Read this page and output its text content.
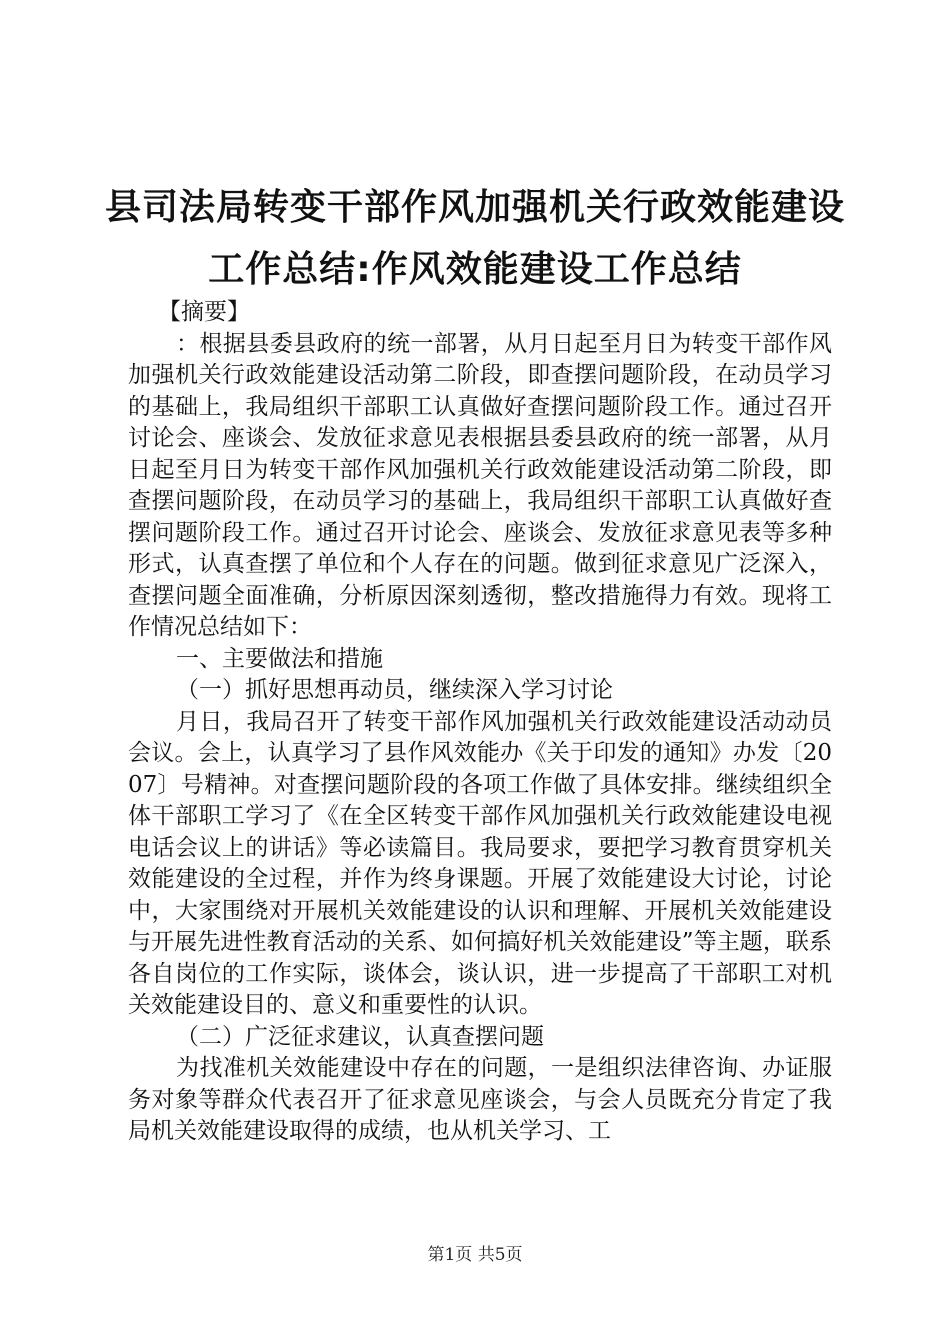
县司法局转变干部作风加强机关行政效能建设
工作总结:作风效能建设工作总结

【摘要】

：根据县委县政府的统一部署，从月日起至月日为转变干部作风加强机关行政效能建设活动第二阶段，即查摆问题阶段，在动员学习的基础上，我局组织干部职工认真做好查摆问题阶段工作。通过召开讨论会、座谈会、发放征求意见表根据县委县政府的统一部署，从月日起至月日为转变干部作风加强机关行政效能建设活动第二阶段，即查摆问题阶段，在动员学习的基础上，我局组织干部职工认真做好查摆问题阶段工作。通过召开讨论会、座谈会、发放征求意见表等多种形式，认真查摆了单位和个人存在的问题。做到征求意见广泛深入，查摆问题全面准确，分析原因深刻透彻，整改措施得力有效。现将工作情况总结如下：

一、主要做法和措施

（一）抓好思想再动员，继续深入学习讨论

月日，我局召开了转变干部作风加强机关行政效能建设活动动员会议。会上，认真学习了县作风效能办《关于印发的通知》办发〔2007〕号精神。对查摆问题阶段的各项工作做了具体安排。继续组织全体干部职工学习了《在全区转变干部作风加强机关行政效能建设电视电话会议上的讲话》等必读篇目。我局要求，要把学习教育贯穿机关效能建设的全过程，并作为终身课题。开展了效能建设大讨论，讨论中，大家围绕对开展机关效能建设的认识和理解、开展机关效能建设与开展先进性教育活动的关系、如何搞好机关效能建设”等主题，联系各自岗位的工作实际，谈体会，谈认识，进一步提高了干部职工对机关效能建设目的、意义和重要性的认识。

（二）广泛征求建议，认真查摆问题

为找准机关效能建设中存在的问题，一是组织法律咨询、办证服务对象等群众代表召开了征求意见座谈会，与会人员既充分肯定了我局机关效能建设取得的成绩，也从机关学习、工

第1页 共5页
